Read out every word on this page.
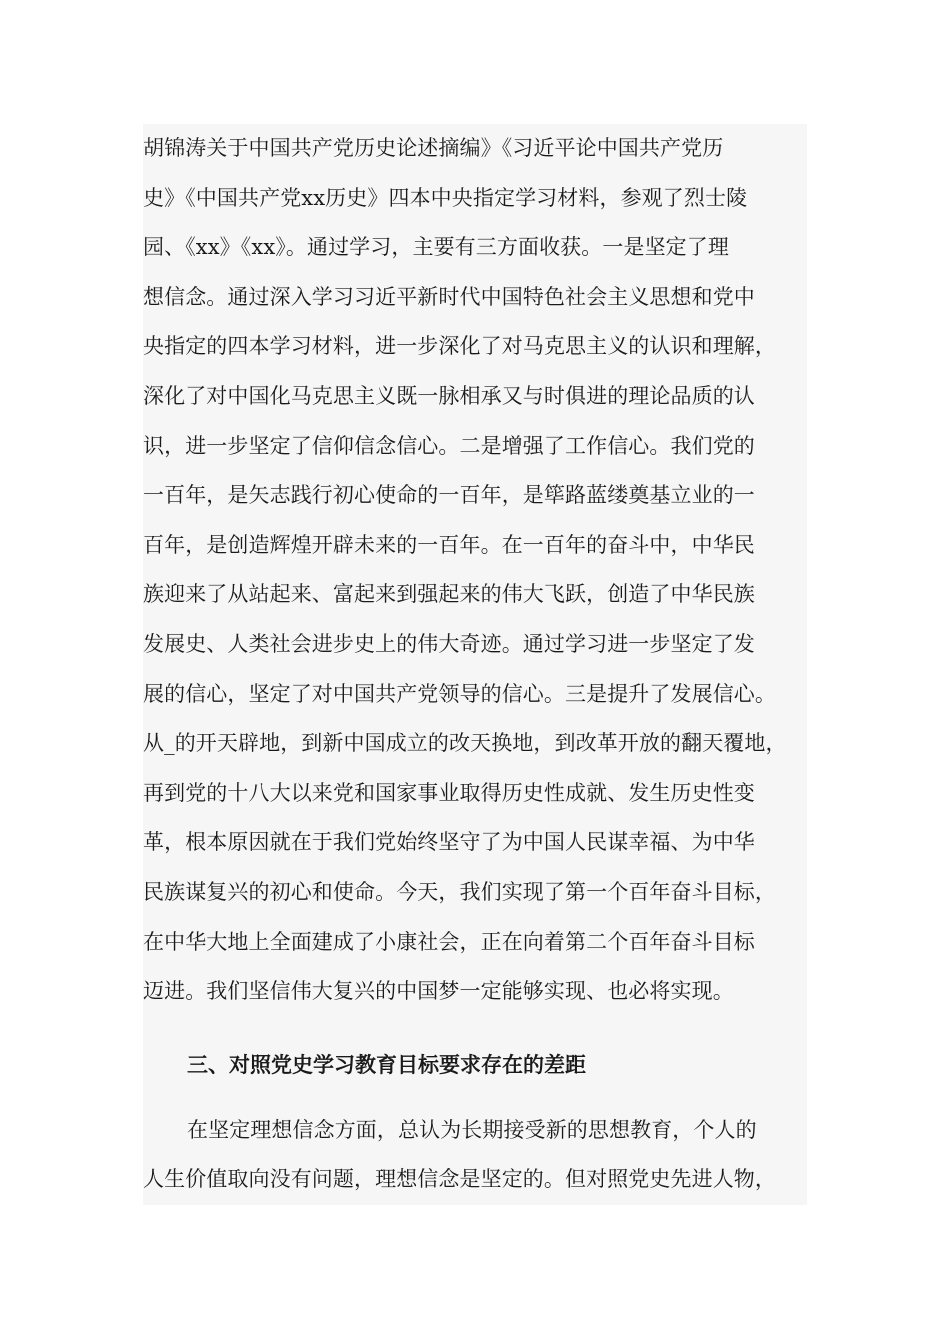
胡锦涛关于中国共产党历史论述摘编》《习近平论中国共产党历
史》《中国共产党xx历史》四本中央指定学习材料，参观了烈士陵
园、《xx》《xx》。通过学习，主要有三方面收获。一是坚定了理
想信念。通过深入学习习近平新时代中国特色社会主义思想和党中
央指定的四本学习材料，进一步深化了对马克思主义的认识和理解，
深化了对中国化马克思主义既一脉相承又与时俱进的理论品质的认
识，进一步坚定了信仰信念信心。二是增强了工作信心。我们党的
一百年，是矢志践行初心使命的一百年，是筚路蓝缕奠基立业的一
百年，是创造辉煌开辟未来的一百年。在一百年的奋斗中，中华民
族迎来了从站起来、富起来到强起来的伟大飞跃，创造了中华民族
发展史、人类社会进步史上的伟大奇迹。通过学习进一步坚定了发
展的信心，坚定了对中国共产党领导的信心。三是提升了发展信心。
从_的开天辟地，到新中国成立的改天换地，到改革开放的翻天覆地，
再到党的十八大以来党和国家事业取得历史性成就、发生历史性变
革，根本原因就在于我们党始终坚守了为中国人民谋幸福、为中华
民族谋复兴的初心和使命。今天，我们实现了第一个百年奋斗目标，
在中华大地上全面建成了小康社会，正在向着第二个百年奋斗目标
迈进。我们坚信伟大复兴的中国梦一定能够实现、也必将实现。
三、对照党史学习教育目标要求存在的差距
在坚定理想信念方面，总认为长期接受新的思想教育，个人的
人生价值取向没有问题，理想信念是坚定的。但对照党史先进人物，
